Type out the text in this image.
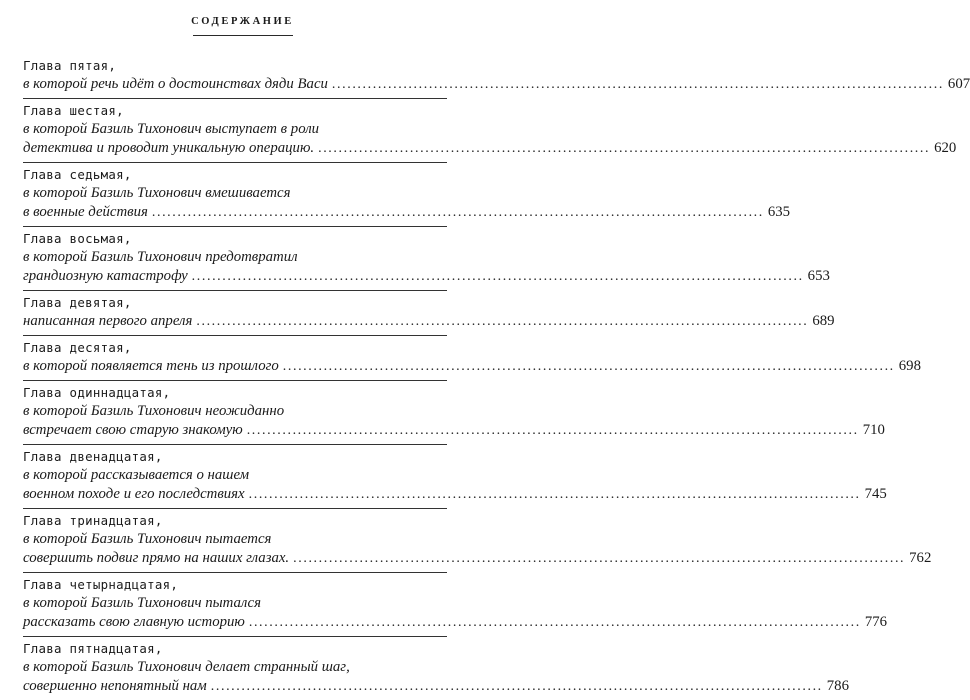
СОДЕРЖАНИЕ
Глава пятая,
в которой речь идёт о достоинствах дяди Васи ........................................................................................................................ 607
Глава шестая,
в которой Базиль Тихонович выступает в роли
детектива и проводит уникальную операцию. ........................................................................................................................ 620
Глава седьмая,
в которой Базиль Тихонович вмешивается
в военные действия ........................................................................................................................ 635
Глава восьмая,
в которой Базиль Тихонович предотвратил
грандиозную катастрофу ........................................................................................................................ 653
Глава девятая,
написанная первого апреля ........................................................................................................................ 689
Глава десятая,
в которой появляется тень из прошлого ........................................................................................................................ 698
Глава одиннадцатая,
в которой Базиль Тихонович неожиданно
встречает свою старую знакомую ........................................................................................................................ 710
Глава двенадцатая,
в которой рассказывается о нашем
военном походе и его последствиях ........................................................................................................................ 745
Глава тринадцатая,
в которой Базиль Тихонович пытается
совершить подвиг прямо на наших глазах. ........................................................................................................................ 762
Глава четырнадцатая,
в которой Базиль Тихонович пытался
рассказать свою главную историю ........................................................................................................................ 776
Глава пятнадцатая,
в которой Базиль Тихонович делает странный шаг,
совершенно непонятный нам ........................................................................................................................ 786
